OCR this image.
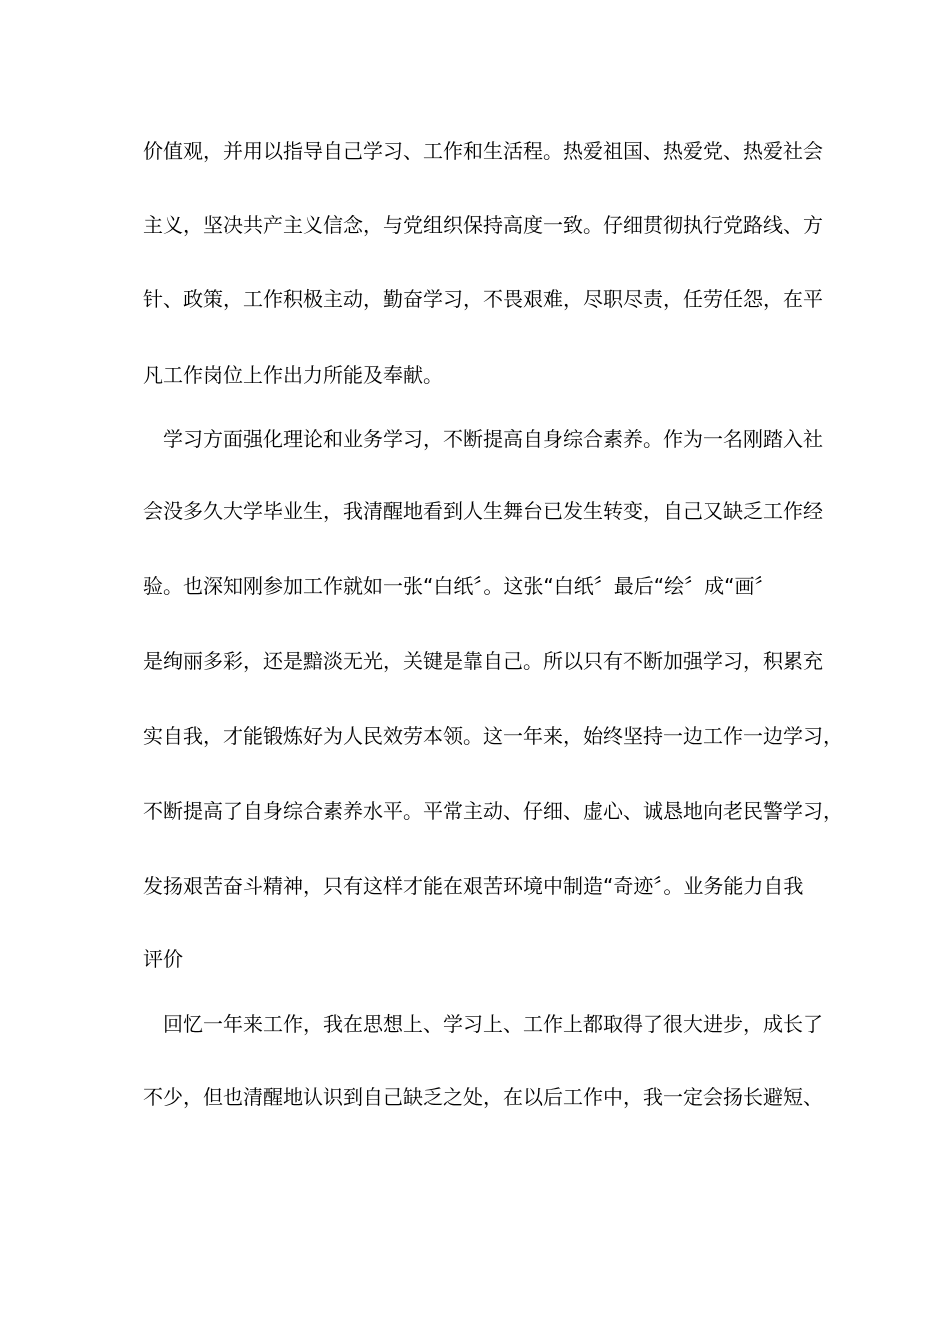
价值观，并用以指导自己学习、工作和生活程。热爱祖国、热爱党、热爱社会
主义，坚决共产主义信念，与党组织保持高度一致。仔细贯彻执行党路线、方
针、政策，工作积极主动，勤奋学习，不畏艰难，尽职尽责，任劳任怨，在平
凡工作岗位上作出力所能及奉献。
学习方面强化理论和业务学习，不断提高自身综合素养。作为一名刚踏入社
会没多久大学毕业生，我清醒地看到人生舞台已发生转变，自己又缺乏工作经
验。也深知刚参加工作就如一张“白纸〞。这张“白纸〞最后“绘〞成“画〞
是绚丽多彩，还是黯淡无光，关键是靠自己。所以只有不断加强学习，积累充
实自我，才能锻炼好为人民效劳本领。这一年来，始终坚持一边工作一边学习，
不断提高了自身综合素养水平。平常主动、仔细、虚心、诚恳地向老民警学习，
发扬艰苦奋斗精神，只有这样才能在艰苦环境中制造“奇迹〞。业务能力自我
评价
回忆一年来工作，我在思想上、学习上、工作上都取得了很大进步，成长了
不少，但也清醒地认识到自己缺乏之处，在以后工作中，我一定会扬长避短、
